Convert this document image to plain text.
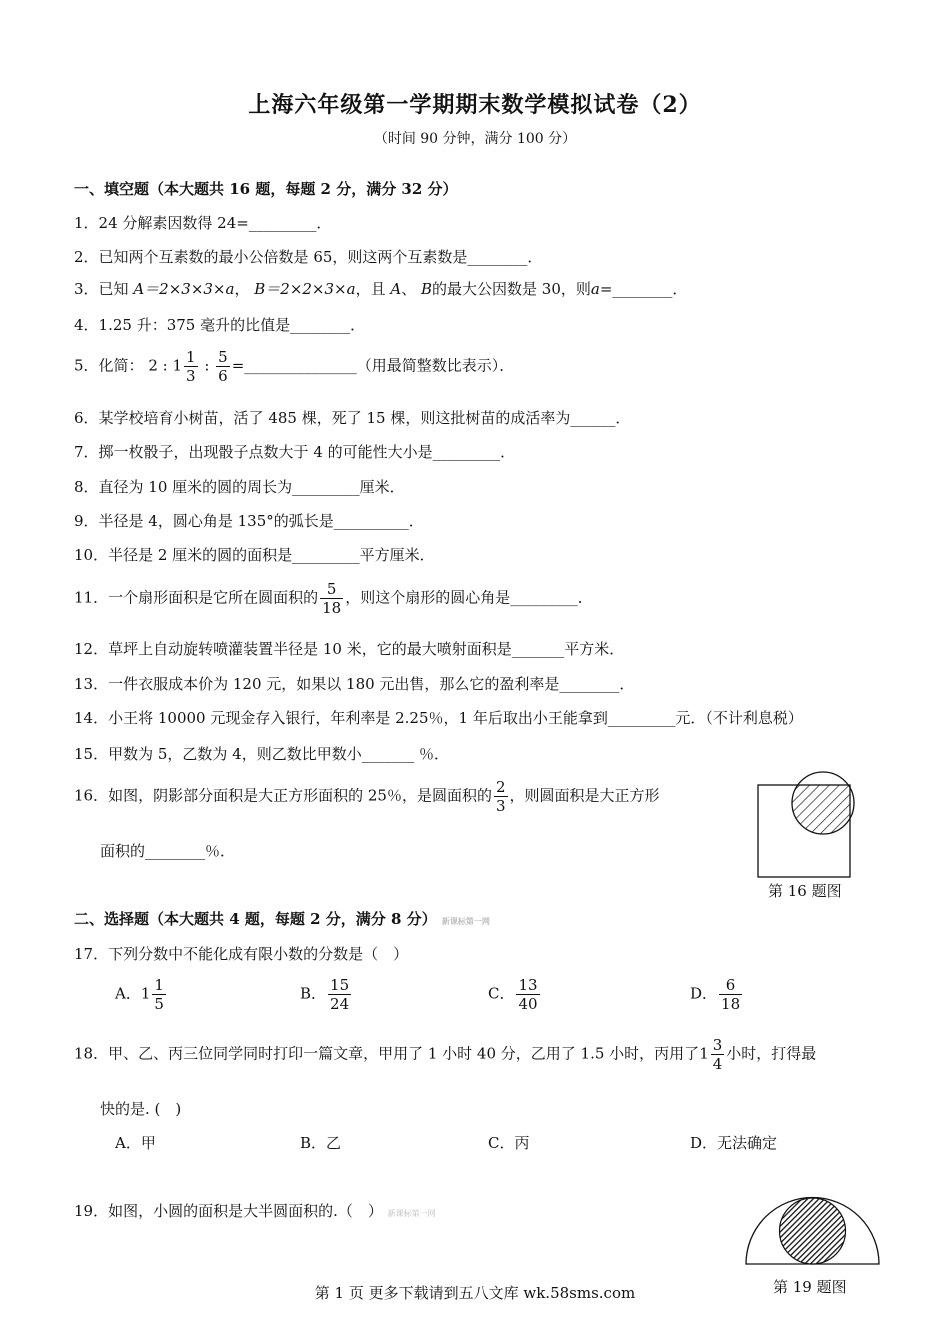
上海六年级第一学期期末数学模拟试卷（2）
（时间 90 分钟，满分 100 分）
一、填空题（本大题共 16 题，每题 2 分，满分 32 分）
1．24 分解素因数得 24=_________．
2．已知两个互素数的最小公倍数是 65，则这两个互素数是________．
3．已知 A＝2×3×3×a， B＝2×2×3×a，且 A、 B的最大公因数是 30，则a=________．
4．1.25 升：375 毫升的比值是________．
5．化简： 2 : $1 \frac{1}{3}$ : $\frac{5}{6}$ =_______________（用最简整数比表示）．
6．某学校培育小树苗，活了 485 棵，死了 15 棵，则这批树苗的成活率为______．
7．掷一枚骰子，出现骰子点数大于 4 的可能性大小是_________．
8．直径为 10 厘米的圆的周长为_________厘米．
9．半径是 4，圆心角是 135°的弧长是__________．
10．半径是 2 厘米的圆的面积是_________平方厘米．
11．一个扇形面积是它所在圆面积的 $\frac{5}{18}$ ，则这个扇形的圆心角是_________．
12．草坪上自动旋转喷灌装置半径是 10 米，它的最大喷射面积是_______平方米．
13．一件衣服成本价为 120 元，如果以 180 元出售，那么它的盈利率是________．
14．小王将 10000 元现金存入银行，年利率是 2.25％，1 年后取出小王能拿到_________元．（不计利息税）
15．甲数为 5，乙数为 4，则乙数比甲数小_______ ％．
16．如图，阴影部分面积是大正方形面积的 25％，是圆面积的 $\frac{2}{3}$ ，则圆面积是大正方形
面积的________％．
第 16 题图
二、选择题（本大题共 4 题，每题 2 分，满分 8 分） 新课标第一网
17．下列分数中不能化成有限小数的分数是（　）
A．$1 \frac{1}{5}$	B． $\frac{15}{24}$	C． $\frac{13}{40}$	D． $\frac{6}{18}$
18．甲、乙、丙三位同学同时打印一篇文章，甲用了 1 小时 40 分，乙用了 1.5 小时，丙用了$1 \frac{3}{4}$ 小时，打得最
快的是. (　)
A．甲	B．乙	C．丙	D．无法确定
19．如图，小圆的面积是大半圆面积的.（　） 新课标第一网
第 19 题图
第 1 页 更多下载请到五八文库 wk.58sms.com
